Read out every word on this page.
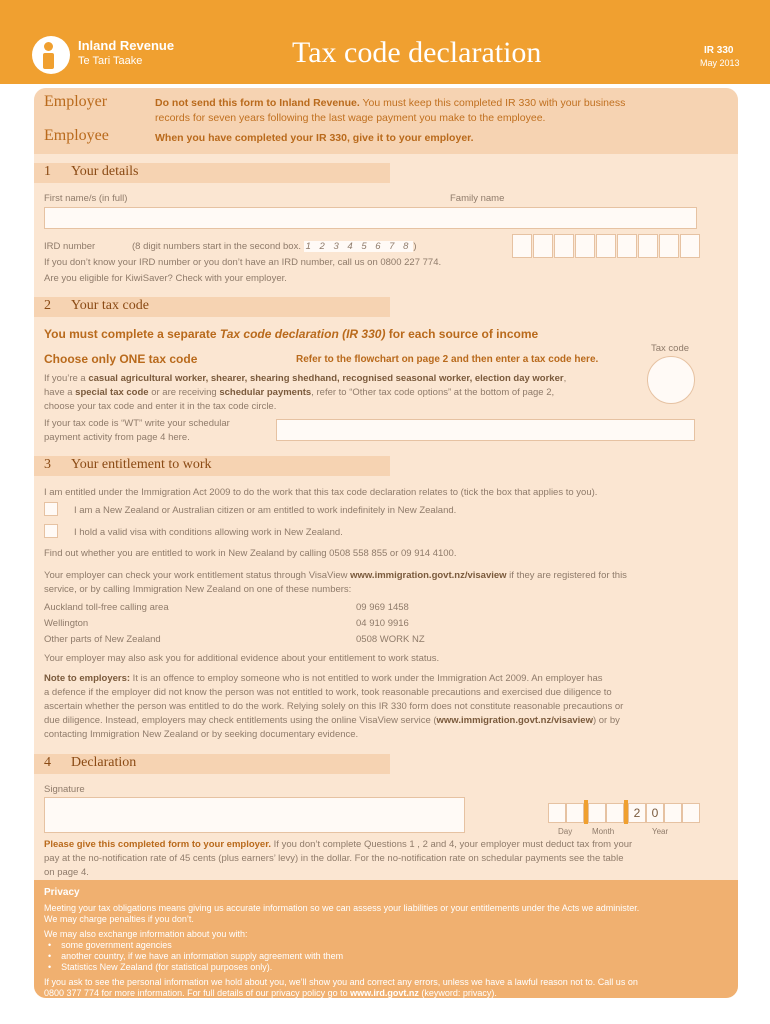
Inland Revenue
Te Tari Taake	Tax code declaration	IR 330
May 2013
Employer
Employee
Do not send this form to Inland Revenue. You must keep this completed IR 330 with your business
records for seven years following the last wage payment you make to the employee.
When you have completed your IR 330, give it to your employer.
1 Your details
First name/s (in full)	Family name
IRD number	(8 digit numbers start in the second box. 1 2 3 4 5 6 7 8 )
If you don’t know your IRD number or you don’t have an IRD number, call us on 0800 227 774.
Are you eligible for KiwiSaver? Check with your employer.
2 Your tax code
You must complete a separate Tax code declaration (IR 330) for each source of income
Tax code
Choose only ONE tax code	Refer to the flowchart on page 2 and then enter a tax code here.
If you’re a casual agricultural worker, shearer, shearing shedhand, recognised seasonal worker, election day worker,
have a special tax code or are receiving schedular payments, refer to “Other tax code options” at the bottom of page 2,
choose your tax code and enter it in the tax code circle.
If your tax code is “WT” write your schedular
payment activity from page 4 here.
3 Your entitlement to work
I am entitled under the Immigration Act 2009 to do the work that this tax code declaration relates to (tick the box that applies to you).
I am a New Zealand or Australian citizen or am entitled to work indefinitely in New Zealand.
I hold a valid visa with conditions allowing work in New Zealand.
Find out whether you are entitled to work in New Zealand by calling 0508 558 855 or 09 914 4100.
Your employer can check your work entitlement status through VisaView www.immigration.govt.nz/visaview if they are registered for this
service, or by calling Immigration New Zealand on one of these numbers:
Auckland toll-free calling area	09 969 1458
Wellington	04 910 9916
Other parts of New Zealand	0508 WORK NZ
Your employer may also ask you for additional evidence about your entitlement to work status.
Note to employers: It is an offence to employ someone who is not entitled to work under the Immigration Act 2009. An employer has
a defence if the employer did not know the person was not entitled to work, took reasonable precautions and exercised due diligence to
ascertain whether the person was entitled to do the work. Relying solely on this IR 330 form does not constitute reasonable precautions or
due diligence. Instead, employers may check entitlements using the online VisaView service (www.immigration.govt.nz/visaview) or by
contacting Immigration New Zealand or by seeking documentary evidence.
4 Declaration
Signature
2 0
Day Month	Year
Please give this completed form to your employer. If you don’t complete Questions 1 , 2 and 4, your employer must deduct tax from your
pay at the no-notification rate of 45 cents (plus earners’ levy) in the dollar. For the no-notification rate on schedular payments see the table
on page 4.
Privacy
Meeting your tax obligations means giving us accurate information so we can assess your liabilities or your entitlements under the Acts we administer.
We may charge penalties if you don’t.
We may also exchange information about you with:
•    some government agencies
•    another country, if we have an information supply agreement with them
•    Statistics New Zealand (for statistical purposes only).
If you ask to see the personal information we hold about you, we’ll show you and correct any errors, unless we have a lawful reason not to. Call us on
0800 377 774 for more information. For full details of our privacy policy go to www.ird.govt.nz (keyword: privacy).
